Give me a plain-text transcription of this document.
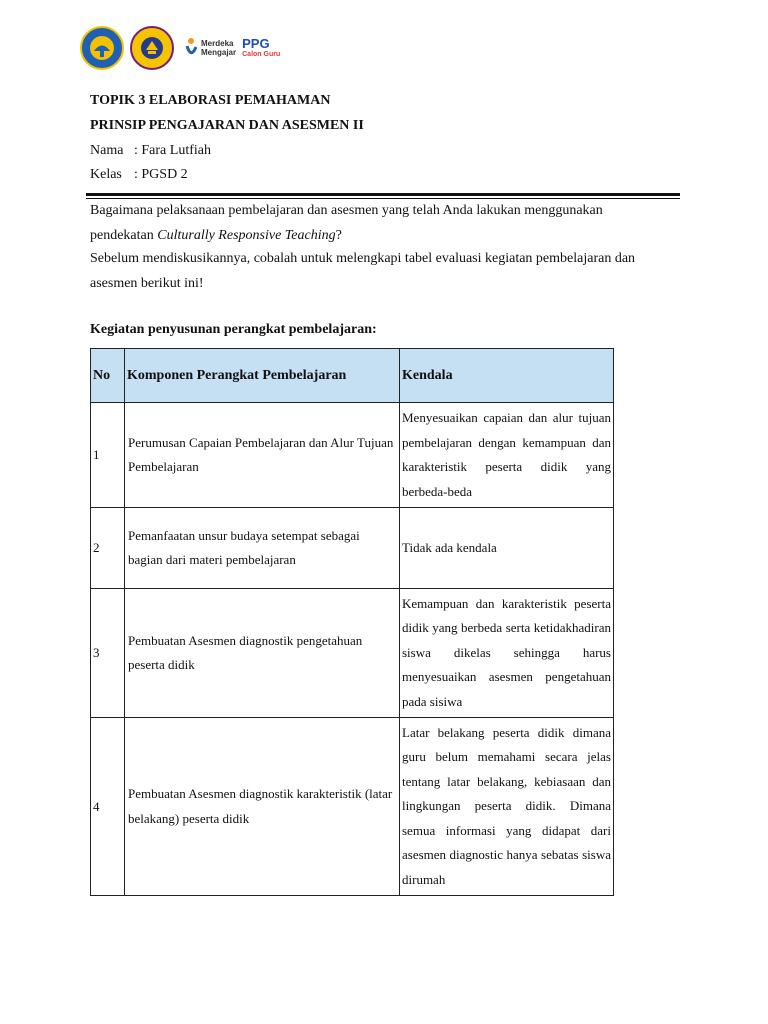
Merdeka
Mengajar
PPG
Calon Guru
TOPIK 3 ELABORASI PEMAHAMAN
PRINSIP PENGAJARAN DAN ASESMEN II
Nama : Fara Lutfiah
Kelas : PGSD 2
Bagaimana pelaksanaan pembelajaran dan asesmen yang telah Anda lakukan menggunakan pendekatan Culturally Responsive Teaching?
Sebelum mendiskusikannya, cobalah untuk melengkapi tabel evaluasi kegiatan pembelajaran dan asesmen berikut ini!
Kegiatan penyusunan perangkat pembelajaran:
No	Komponen Perangkat Pembelajaran	Kendala
1	Perumusan Capaian Pembelajaran dan Alur Tujuan Pembelajaran	Menyesuaikan capaian dan alur tujuan pembelajaran dengan kemampuan dan karakteristik peserta didik yang berbeda-beda
2	Pemanfaatan unsur budaya setempat sebagai bagian dari materi pembelajaran	Tidak ada kendala
3	Pembuatan Asesmen diagnostik pengetahuan peserta didik	Kemampuan dan karakteristik peserta didik yang berbeda serta ketidakhadiran siswa dikelas sehingga harus menyesuaikan asesmen pengetahuan pada sisiwa
4	Pembuatan Asesmen diagnostik karakteristik (latar belakang) peserta didik	Latar belakang peserta didik dimana guru belum memahami secara jelas tentang latar belakang, kebiasaan dan lingkungan peserta didik. Dimana semua informasi yang didapat dari asesmen diagnostic hanya sebatas siswa dirumah
